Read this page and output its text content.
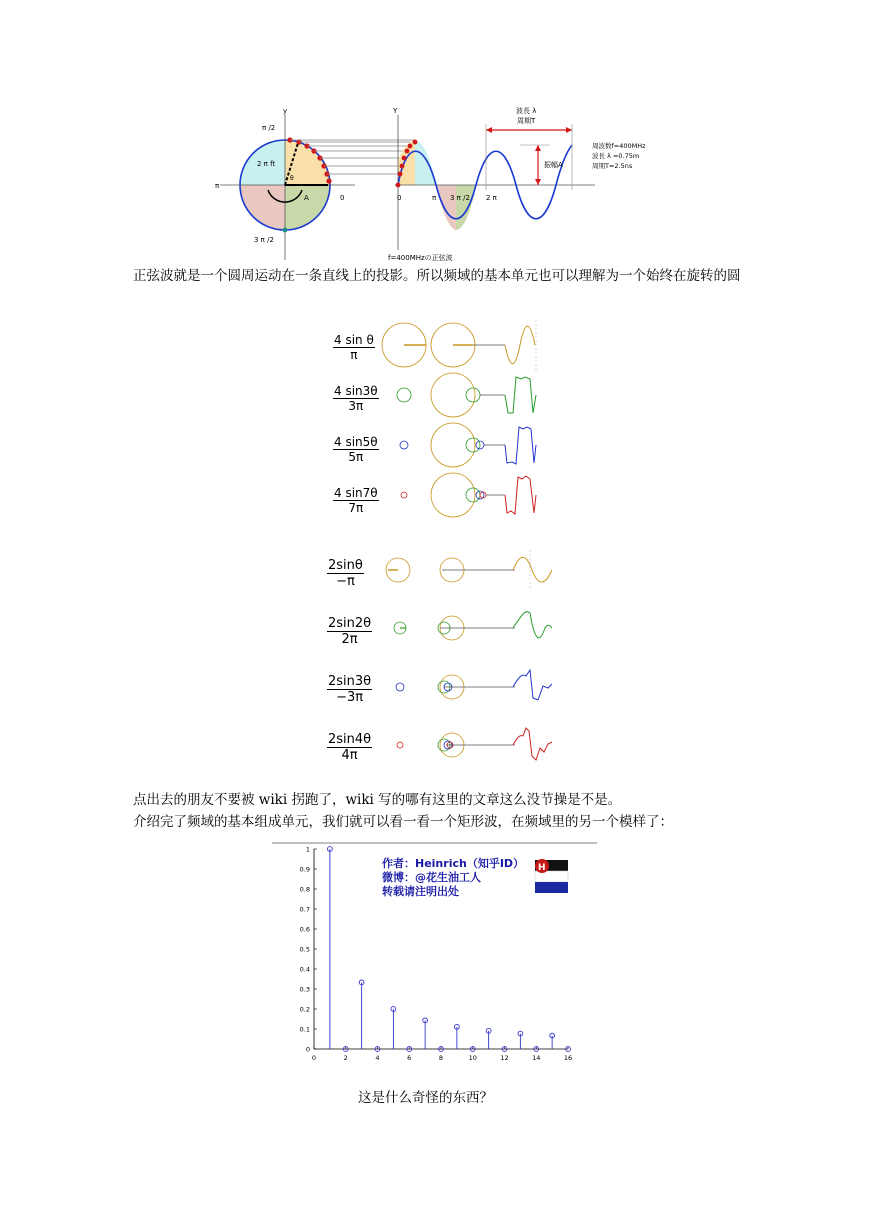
π /2
2 π ft
π
3 π /2
0
A
θ
y	Y
0	π 3 π /2 2 π
波長 λ
周期T
振幅A
周波数f=400MHz
波長 λ =0.75m
周期T=2.5ns
f=400MHzの正弦波
正弦波就是一个圆周运动在一条直线上的投影。所以频域的基本单元也可以理解为一个始终在旋转的圆
$\frac{\text{4 sin θ}}{\pi}$
$\frac{4 \sin 3\theta}{3\pi}$
$\frac{4 \sin 5\theta}{5\pi}$
$\frac{4 \sin 7\theta}{7\pi}$
$\frac{2\sin\theta}{-\pi}$
$\frac{2\sin 2\theta}{2\pi}$
$\frac{2\sin 3\theta}{-3\pi}$
$\frac{2\sin 4\theta}{4\pi}$
点出去的朋友不要被 wiki 拐跑了，wiki 写的哪有这里的文章这么没节操是不是。
介绍完了频域的基本组成单元，我们就可以看一看一个矩形波，在频域里的另一个模样了：
0	2	4	6	8	10	12	14	16
0
0.1
0.2
0.3
0.4
0.5
0.6
0.7
0.8
0.9
1
作者：Heinrich（知乎ID）
微博：@花生油工人
转载请注明出处
H
这是什么奇怪的东西？
